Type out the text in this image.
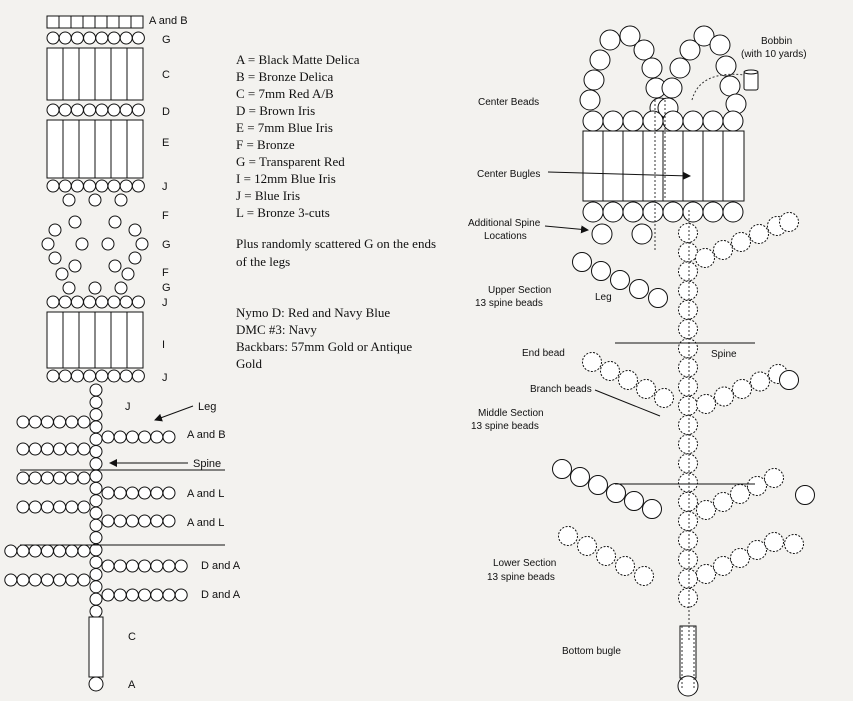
A and B
G
C
D
E
J
F
G
F
G
J
I
J
J	Leg
A and B
Spine
A and L
A and L
D and A
D and A
C
A
A = Black Matte Delica
B = Bronze Delica
C = 7mm Red A/B
D = Brown Iris
E = 7mm Blue Iris
F = Bronze
G = Transparent Red
I = 12mm Blue Iris
J = Blue Iris
L = Bronze 3-cuts
Plus randomly scattered G on the ends
of the legs
Nymo D: Red and Navy Blue
DMC #3: Navy
Backbars: 57mm Gold or Antique
Gold
Bobbin
(with 10 yards)
Center Beads
Center Bugles
Additional Spine
Locations
Upper Section
13 spine beads
Leg
End bead	Spine
Branch beads
Middle Section
13 spine beads
Lower Section
13 spine beads
Bottom bugle
